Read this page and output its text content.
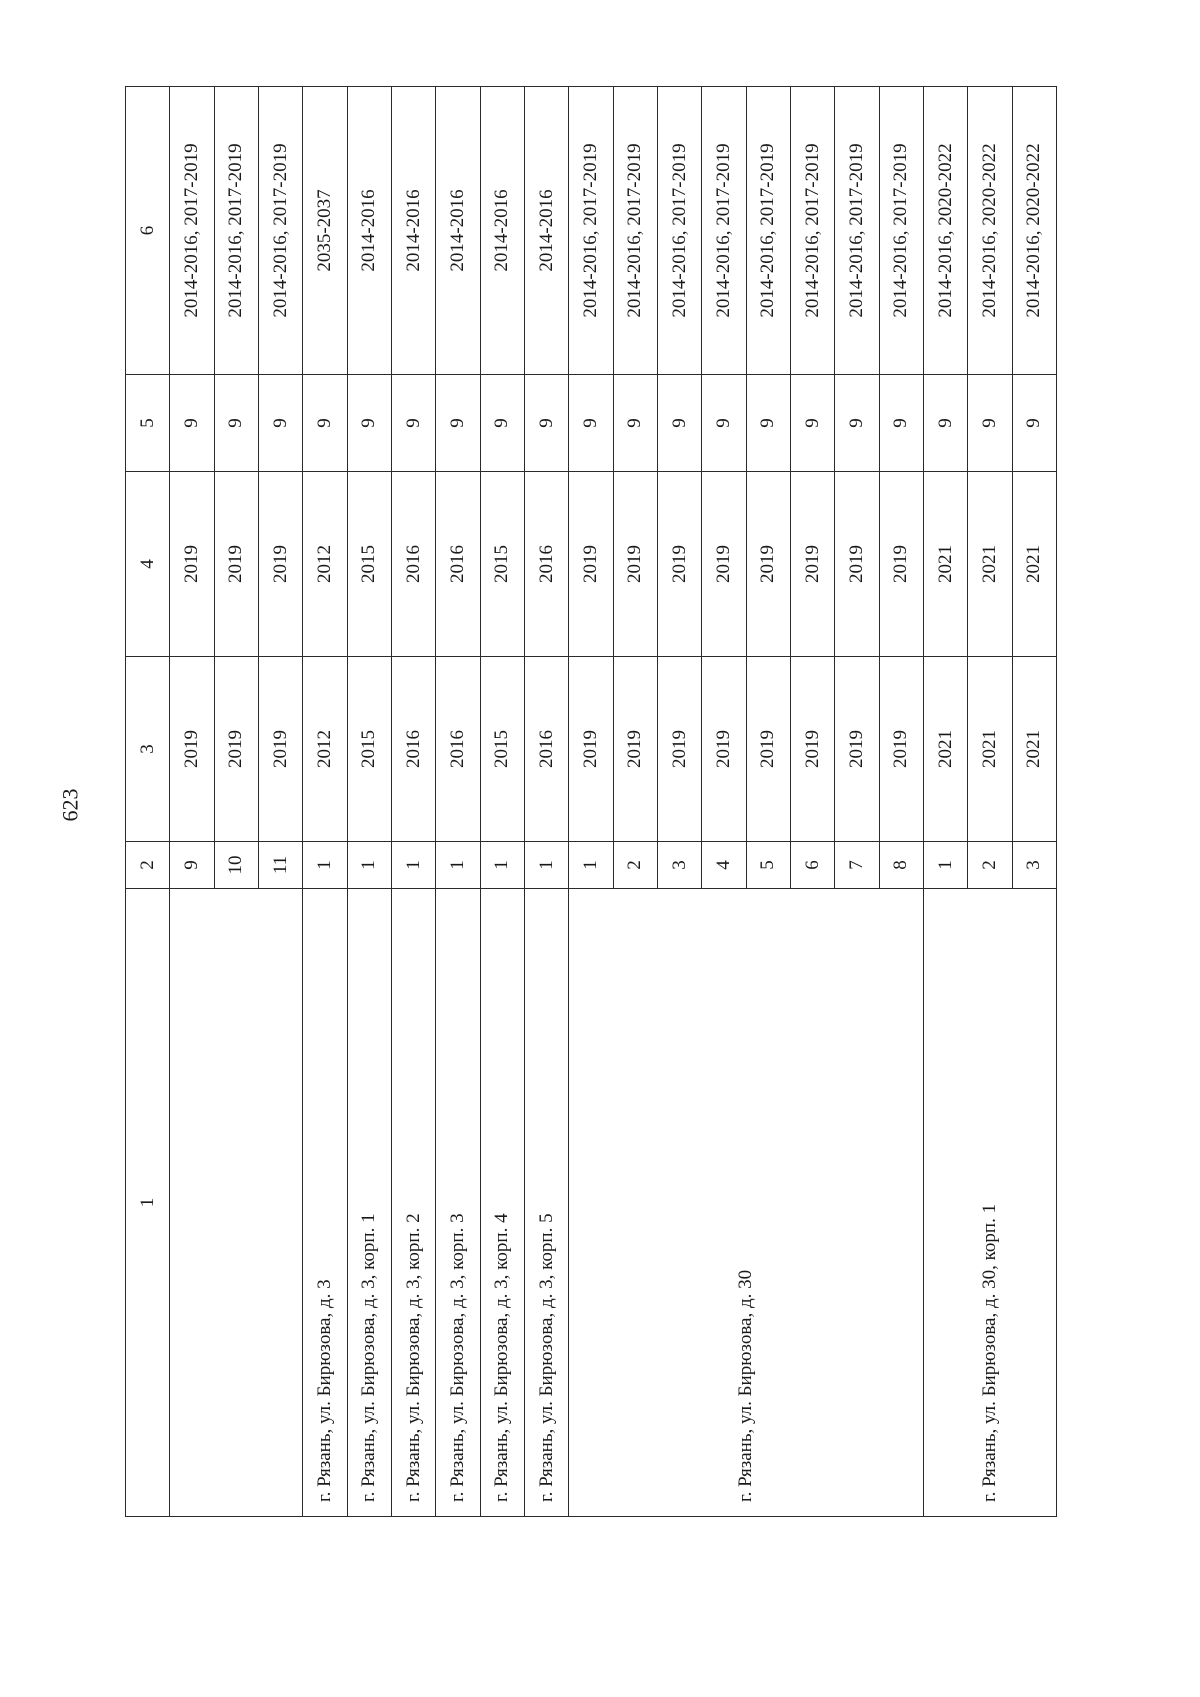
623
1	2	3	4	5	6
	9	2019	2019	9	2014-2016, 2017-2019
	10	2019	2019	9	2014-2016, 2017-2019
	11	2019	2019	9	2014-2016, 2017-2019
г. Рязань, ул. Бирюзова, д. 3	1	2012	2012	9	2035-2037
г. Рязань, ул. Бирюзова, д. 3, корп. 1	1	2015	2015	9	2014-2016
г. Рязань, ул. Бирюзова, д. 3, корп. 2	1	2016	2016	9	2014-2016
г. Рязань, ул. Бирюзова, д. 3, корп. 3	1	2016	2016	9	2014-2016
г. Рязань, ул. Бирюзова, д. 3, корп. 4	1	2015	2015	9	2014-2016
г. Рязань, ул. Бирюзова, д. 3, корп. 5	1	2016	2016	9	2014-2016
г. Рязань, ул. Бирюзова, д. 30	1	2019	2019	9	2014-2016, 2017-2019
	2	2019	2019	9	2014-2016, 2017-2019
	3	2019	2019	9	2014-2016, 2017-2019
	4	2019	2019	9	2014-2016, 2017-2019
	5	2019	2019	9	2014-2016, 2017-2019
	6	2019	2019	9	2014-2016, 2017-2019
	7	2019	2019	9	2014-2016, 2017-2019
	8	2019	2019	9	2014-2016, 2017-2019
г. Рязань, ул. Бирюзова, д. 30, корп. 1	1	2021	2021	9	2014-2016, 2020-2022
	2	2021	2021	9	2014-2016, 2020-2022
	3	2021	2021	9	2014-2016, 2020-2022
